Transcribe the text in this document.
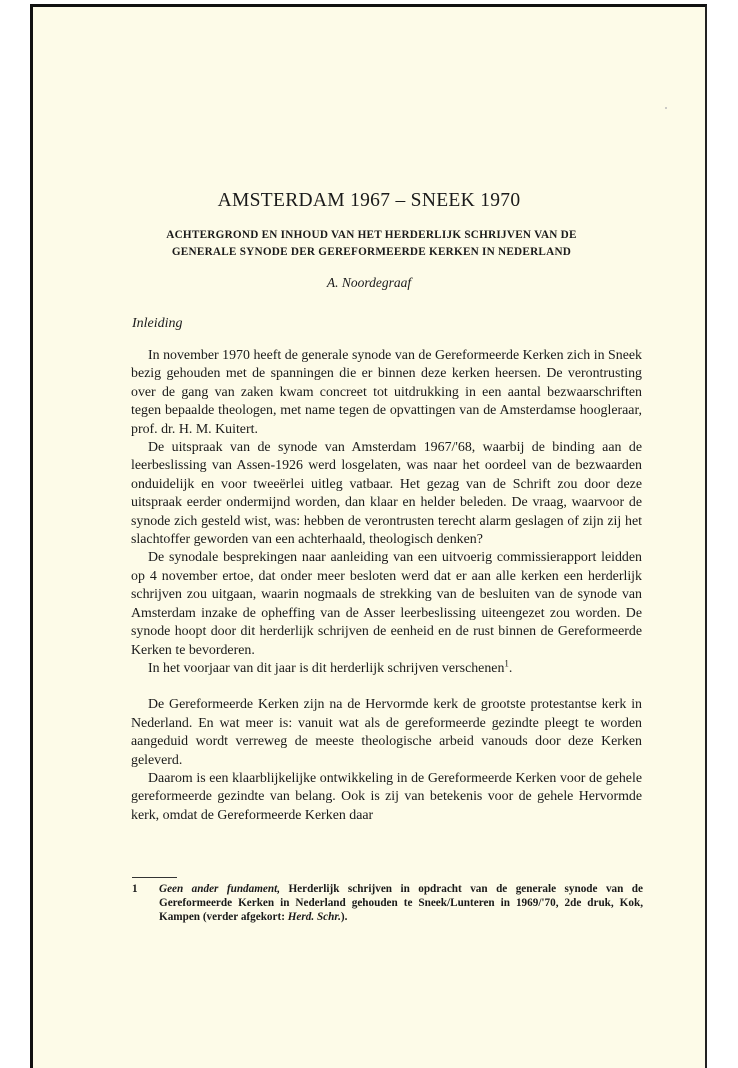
AMSTERDAM 1967 – SNEEK 1970
ACHTERGROND EN INHOUD VAN HET HERDERLIJK SCHRIJVEN VAN DE
GENERALE SYNODE DER GEREFORMEERDE KERKEN IN NEDERLAND

A. Noordegraaf

Inleiding

In november 1970 heeft de generale synode van de Gereformeerde Kerken zich in Sneek bezig gehouden met de spanningen die er binnen deze kerken heersen. De verontrusting over de gang van zaken kwam concreet tot uitdrukking in een aantal bezwaarschriften tegen bepaalde theologen, met name tegen de opvattingen van de Amsterdamse hoogleraar, prof. dr. H. M. Kuitert.

De uitspraak van de synode van Amsterdam 1967/'68, waarbij de binding aan de leerbeslissing van Assen-1926 werd losgelaten, was naar het oordeel van de bezwaarden onduidelijk en voor tweeërlei uitleg vatbaar. Het gezag van de Schrift zou door deze uitspraak eerder ondermijnd worden, dan klaar en helder beleden. De vraag, waarvoor de synode zich gesteld wist, was: hebben de verontrusten terecht alarm geslagen of zijn zij het slachtoffer geworden van een achterhaald, theologisch denken?

De synodale besprekingen naar aanleiding van een uitvoerig commissierapport leidden op 4 november ertoe, dat onder meer besloten werd dat er aan alle kerken een herderlijk schrijven zou uitgaan, waarin nogmaals de strekking van de besluiten van de synode van Amsterdam inzake de opheffing van de Asser leerbeslissing uiteengezet zou worden. De synode hoopt door dit herderlijk schrijven de eenheid en de rust binnen de Gereformeerde Kerken te bevorderen.

In het voorjaar van dit jaar is dit herderlijk schrijven verschenen$^1$.

De Gereformeerde Kerken zijn na de Hervormde kerk de grootste protestantse kerk in Nederland. En wat meer is: vanuit wat als de gereformeerde gezindte pleegt te worden aangeduid wordt verreweg de meeste theologische arbeid vanouds door deze Kerken geleverd.

Daarom is een klaarblijkelijke ontwikkeling in de Gereformeerde Kerken voor de gehele gereformeerde gezindte van belang. Ook is zij van betekenis voor de gehele Hervormde kerk, omdat de Gereformeerde Kerken daar

1	Geen ander fundament, Herderlijk schrijven in opdracht van de generale synode van de Gereformeerde Kerken in Nederland gehouden te Sneek/Lunteren in 1969/'70, 2de druk, Kok, Kampen (verder afgekort: Herd. Schr.).
